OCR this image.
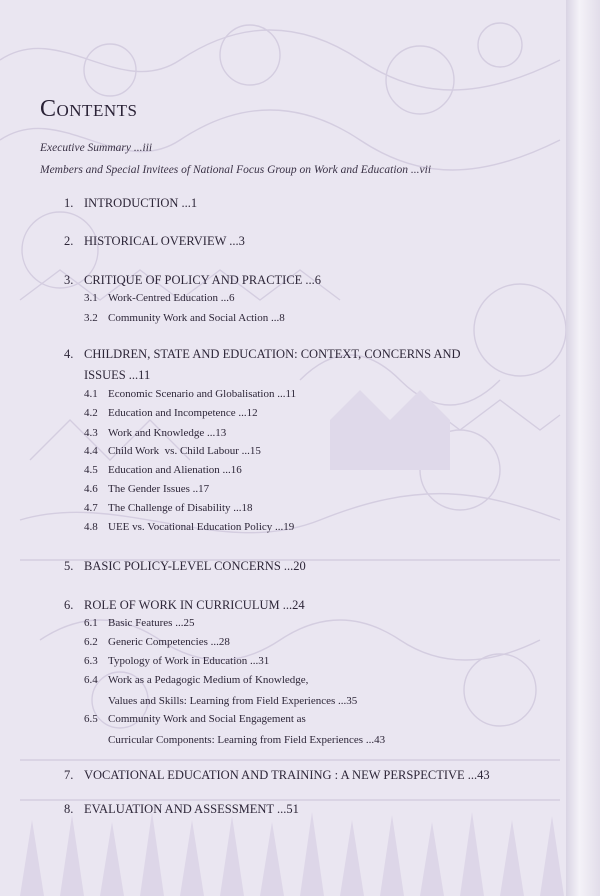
Contents
Executive Summary ...iii
Members and Special Invitees of National Focus Group on Work and Education ...vii
1. INTRODUCTION ...1
2. HISTORICAL OVERVIEW ...3
3. CRITIQUE OF POLICY AND PRACTICE ...6
3.1 Work-Centred Education ...6
3.2 Community Work and Social Action ...8
4. CHILDREN, STATE AND EDUCATION: CONTEXT, CONCERNS AND
ISSUES ...11
4.1 Economic Scenario and Globalisation ...11
4.2 Education and Incompetence ...12
4.3 Work and Knowledge ...13
4.4 Child Work  vs. Child Labour ...15
4.5 Education and Alienation ...16
4.6 The Gender Issues ..17
4.7 The Challenge of Disability ...18
4.8 UEE vs. Vocational Education Policy ...19
5. BASIC POLICY-LEVEL CONCERNS ...20
6. ROLE OF WORK IN CURRICULUM ...24
6.1 Basic Features ...25
6.2 Generic Competencies ...28
6.3 Typology of Work in Education ...31
6.4 Work as a Pedagogic Medium of Knowledge,
Values and Skills: Learning from Field Experiences ...35
6.5 Community Work and Social Engagement as
Curricular Components: Learning from Field Experiences ...43
7. VOCATIONAL EDUCATION AND TRAINING : A NEW PERSPECTIVE ...43
8. EVALUATION AND ASSESSMENT ...51
